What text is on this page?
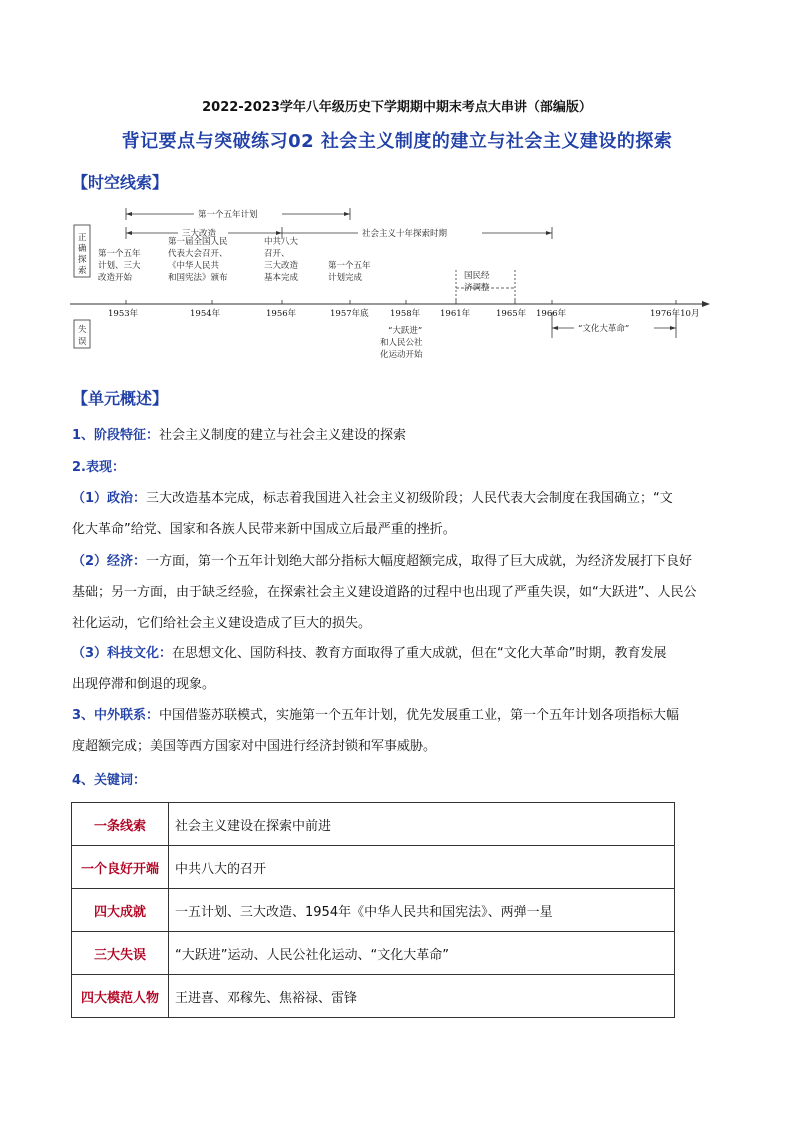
2022-2023学年八年级历史下学期期中期末考点大串讲（部编版）
背记要点与突破练习02 社会主义制度的建立与社会主义建设的探索
【时空线索】
正
确
探
索
失
误
第一个五年计划
三大改造	社会主义十年探索时期
国民经
济调整
1953年	1954年	1956年	1957年底	1958年 1961年	1965年 1966年	1976年10月
计划、三大
第一个五年
改造开始
第一届全国人民
代表大会召开、
《中华人民共
和国宪法》颁布
中共八大
召开、
三大改造
基本完成
第一个五年
计划完成
“大跃进”
和人民公社
化运动开始
“文化大革命”
【单元概述】
1、阶段特征：社会主义制度的建立与社会主义建设的探索
2.表现：
（1）政治：三大改造基本完成，标志着我国进入社会主义初级阶段；人民代表大会制度在我国确立；“文
化大革命”给党、国家和各族人民带来新中国成立后最严重的挫折。
（2）经济：一方面，第一个五年计划绝大部分指标大幅度超额完成，取得了巨大成就，为经济发展打下良好
基础；另一方面，由于缺乏经验，在探索社会主义建设道路的过程中也出现了严重失误，如“大跃进”、人民公
社化运动，它们给社会主义建设造成了巨大的损失。
（3）科技文化：在思想文化、国防科技、教育方面取得了重大成就，但在“文化大革命”时期，教育发展
出现停滞和倒退的现象。
3、中外联系：中国借鉴苏联模式，实施第一个五年计划，优先发展重工业，第一个五年计划各项指标大幅
度超额完成；美国等西方国家对中国进行经济封锁和军事威胁。
4、关键词：
一条线索	社会主义建设在探索中前进
一个良好开端	中共八大的召开
四大成就	一五计划、三大改造、1954年《中华人民共和国宪法》、两弹一星
三大失误	“大跃进”运动、人民公社化运动、“文化大革命”
四大模范人物	王进喜、邓稼先、焦裕禄、雷锋
